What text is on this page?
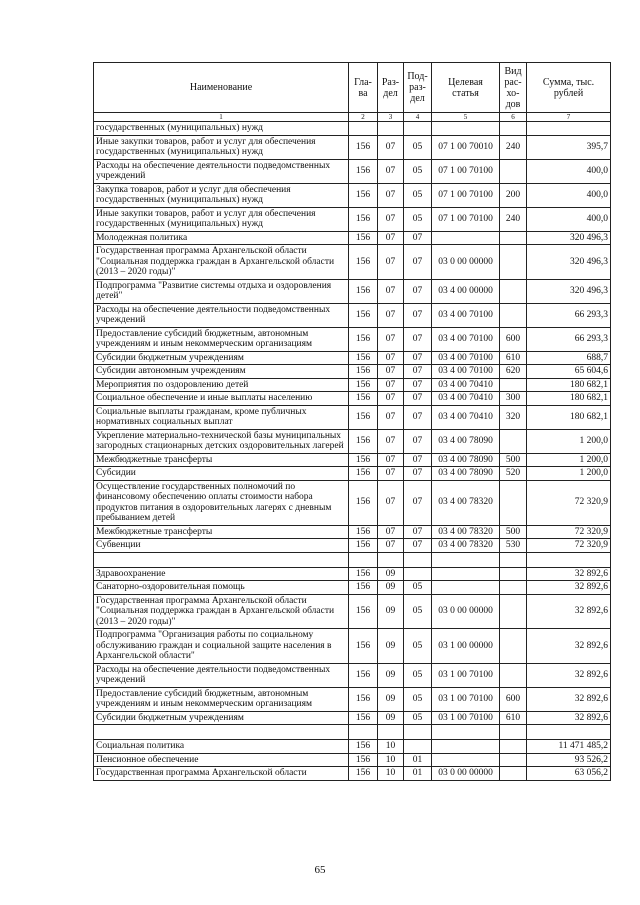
Наименование	Гла-ва	Раз-дел	Под-раз-дел	Целевая статья	Вид рас-хо-дов	Сумма, тыс. рублей
1	2	3	4	5	6	7
государственных (муниципальных) нужд						
Иные закупки товаров, работ и услуг для обеспечения государственных (муниципальных) нужд	156	07	05	07 1 00 70010	240	395,7
Расходы на обеспечение деятельности подведомственных учреждений	156	07	05	07 1 00 70100		400,0
Закупка товаров, работ и услуг для обеспечения государственных (муниципальных) нужд	156	07	05	07 1 00 70100	200	400,0
Иные закупки товаров, работ и услуг для обеспечения государственных (муниципальных) нужд	156	07	05	07 1 00 70100	240	400,0
Молодежная политика	156	07	07			320 496,3
Государственная программа Архангельской области "Социальная поддержка граждан в Архангельской области (2013 – 2020 годы)"	156	07	07	03 0 00 00000		320 496,3
Подпрограмма "Развитие системы отдыха и оздоровления детей"	156	07	07	03 4 00 00000		320 496,3
Расходы на обеспечение деятельности подведомственных учреждений	156	07	07	03 4 00 70100		66 293,3
Предоставление субсидий бюджетным, автономным учреждениям и иным некоммерческим организациям	156	07	07	03 4 00 70100	600	66 293,3
Субсидии бюджетным учреждениям	156	07	07	03 4 00 70100	610	688,7
Субсидии автономным учреждениям	156	07	07	03 4 00 70100	620	65 604,6
Мероприятия по оздоровлению детей	156	07	07	03 4 00 70410		180 682,1
Социальное обеспечение и иные выплаты населению	156	07	07	03 4 00 70410	300	180 682,1
Социальные выплаты гражданам, кроме публичных нормативных социальных выплат	156	07	07	03 4 00 70410	320	180 682,1
Укрепление материально-технической базы муниципальных загородных стационарных детских оздоровительных лагерей	156	07	07	03 4 00 78090		1 200,0
Межбюджетные трансферты	156	07	07	03 4 00 78090	500	1 200,0
Субсидии	156	07	07	03 4 00 78090	520	1 200,0
Осуществление государственных полномочий по финансовому обеспечению оплаты стоимости набора продуктов питания в оздоровительных лагерях с дневным пребыванием детей	156	07	07	03 4 00 78320		72 320,9
Межбюджетные трансферты	156	07	07	03 4 00 78320	500	72 320,9
Субвенции	156	07	07	03 4 00 78320	530	72 320,9

Здравоохранение	156	09				32 892,6
Санаторно-оздоровительная помощь	156	09	05			32 892,6
Государственная программа Архангельской области "Социальная поддержка граждан в Архангельской области (2013 – 2020 годы)"	156	09	05	03 0 00 00000		32 892,6
Подпрограмма "Организация работы по социальному обслуживанию граждан и социальной защите населения в Архангельской области"	156	09	05	03 1 00 00000		32 892,6
Расходы на обеспечение деятельности подведомственных учреждений	156	09	05	03 1 00 70100		32 892,6
Предоставление субсидий бюджетным, автономным учреждениям и иным некоммерческим организациям	156	09	05	03 1 00 70100	600	32 892,6
Субсидии бюджетным учреждениям	156	09	05	03 1 00 70100	610	32 892,6

Социальная политика	156	10				11 471 485,2
Пенсионное обеспечение	156	10	01			93 526,2
Государственная программа Архангельской области	156	10	01	03 0 00 00000		63 056,2
65
